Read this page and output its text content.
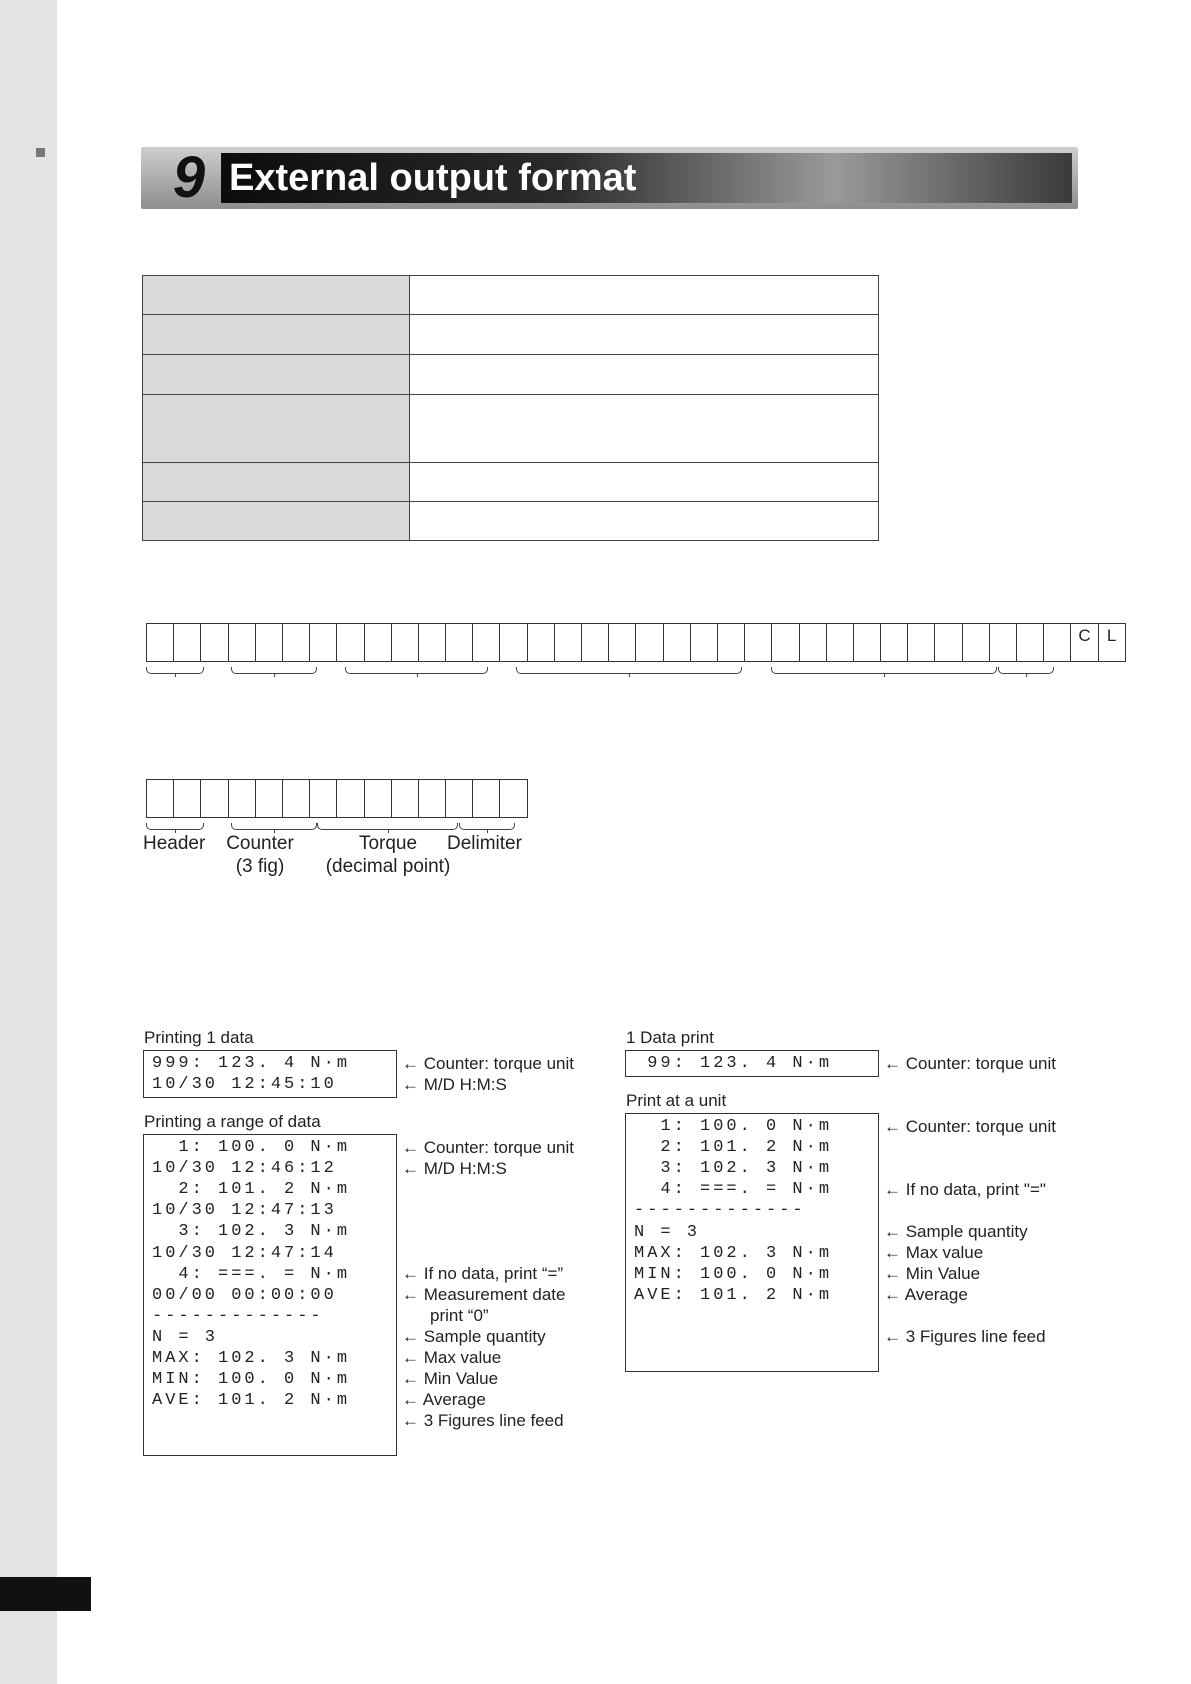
9 External output format

C L
Header	Counter
(3 fig)
Torque
(decimal point)
Delimiter
Printing 1 data
999: 123. 4 N·m
10/30 12:45:10
← Counter: torque unit
← M/D H:M:S
Printing a range of data
1: 100. 0 N·m
10/30 12:46:12
2: 101. 2 N·m
10/30 12:47:13
3: 102. 3 N·m
10/30 12:47:14
4: ===. = N·m
00/00 00:00:00
-------------
N = 3
MAX: 102. 3 N·m
MIN: 100. 0 N·m
AVE: 101. 2 N·m
← Counter: torque unit
← M/D H:M:S
← If no data, print “=”
← Measurement date
print “0”
← Sample quantity
← Max value
← Min Value
← Average
← 3 Figures line feed
1 Data print
99: 123. 4 N·m	← Counter: torque unit
Print at a unit
1: 100. 0 N·m
2: 101. 2 N·m
3: 102. 3 N·m
4: ===. = N·m
-------------
N = 3
MAX: 102. 3 N·m
MIN: 100. 0 N·m
AVE: 101. 2 N·m
← Counter: torque unit
← If no data, print "="
← Sample quantity
← Max value
← Min Value
← Average
← 3 Figures line feed
